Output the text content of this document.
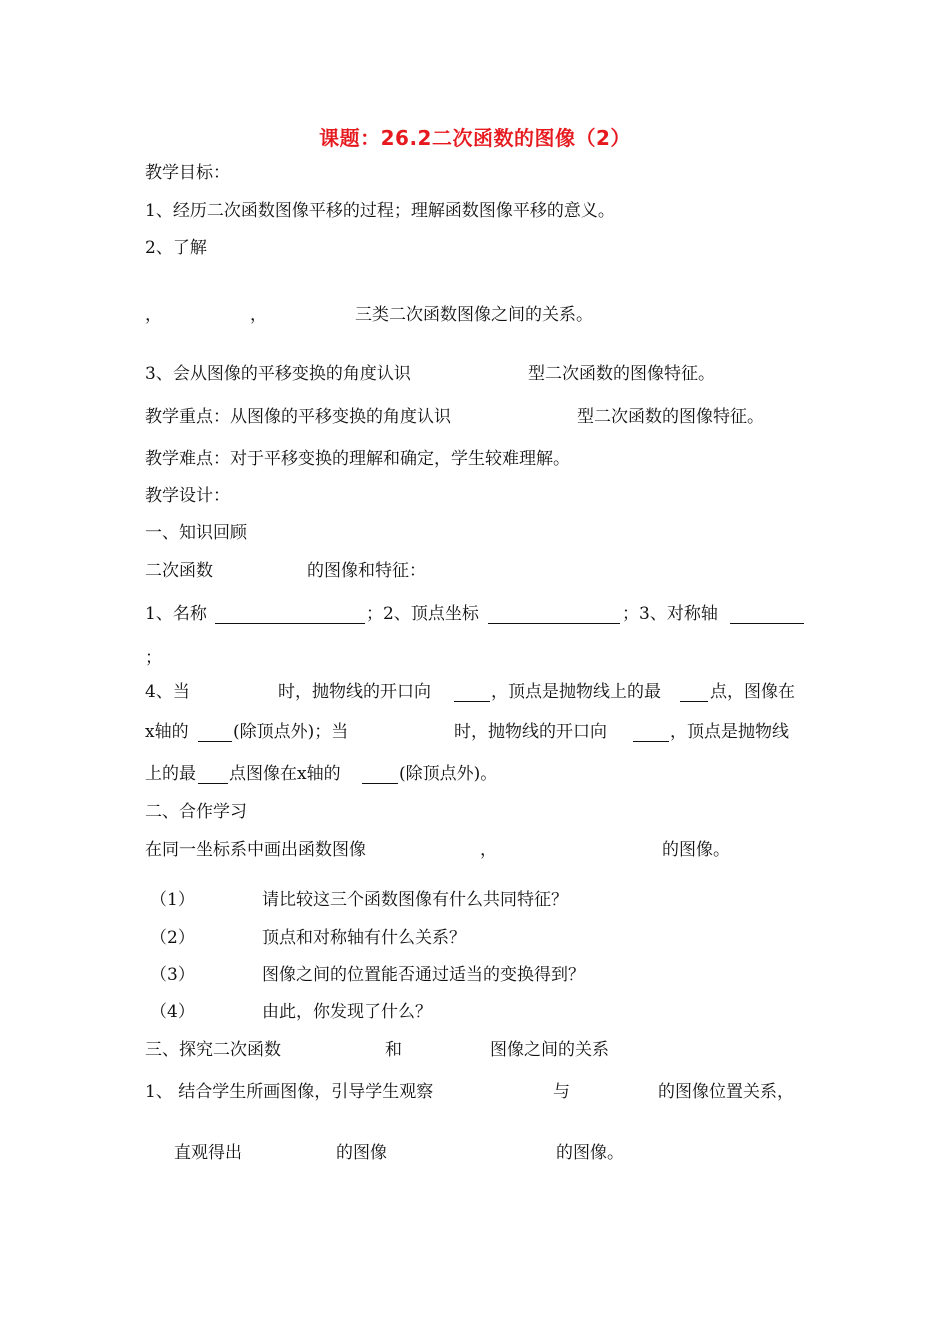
课题：26.2二次函数的图像（2）
教学目标：
1、经历二次函数图像平移的过程；理解函数图像平移的意义。
2、了解
，	，	三类二次函数图像之间的关系。
3、会从图像的平移变换的角度认识	型二次函数的图像特征。
教学重点：从图像的平移变换的角度认识	型二次函数的图像特征。
教学难点：对于平移变换的理解和确定，学生较难理解。
教学设计：
一、知识回顾
二次函数	的图像和特征：
1、名称	；2、顶点坐标	；3、对称轴
；
4、当	时，抛物线的开口向	，顶点是抛物线上的最	点，图像在
x轴的	(除顶点外)；当	时，抛物线的开口向	，顶点是抛物线
上的最 点图像在x轴的	(除顶点外)。
二、合作学习
在同一坐标系中画出函数图像	，	的图像。
（1）	请比较这三个函数图像有什么共同特征？
（2）	顶点和对称轴有什么关系？
（3）	图像之间的位置能否通过适当的变换得到？
（4）	由此，你发现了什么？
三、探究二次函数	和	图像之间的关系
1、 结合学生所画图像，引导学生观察	与	的图像位置关系，
直观得出	的图像	的图像。
